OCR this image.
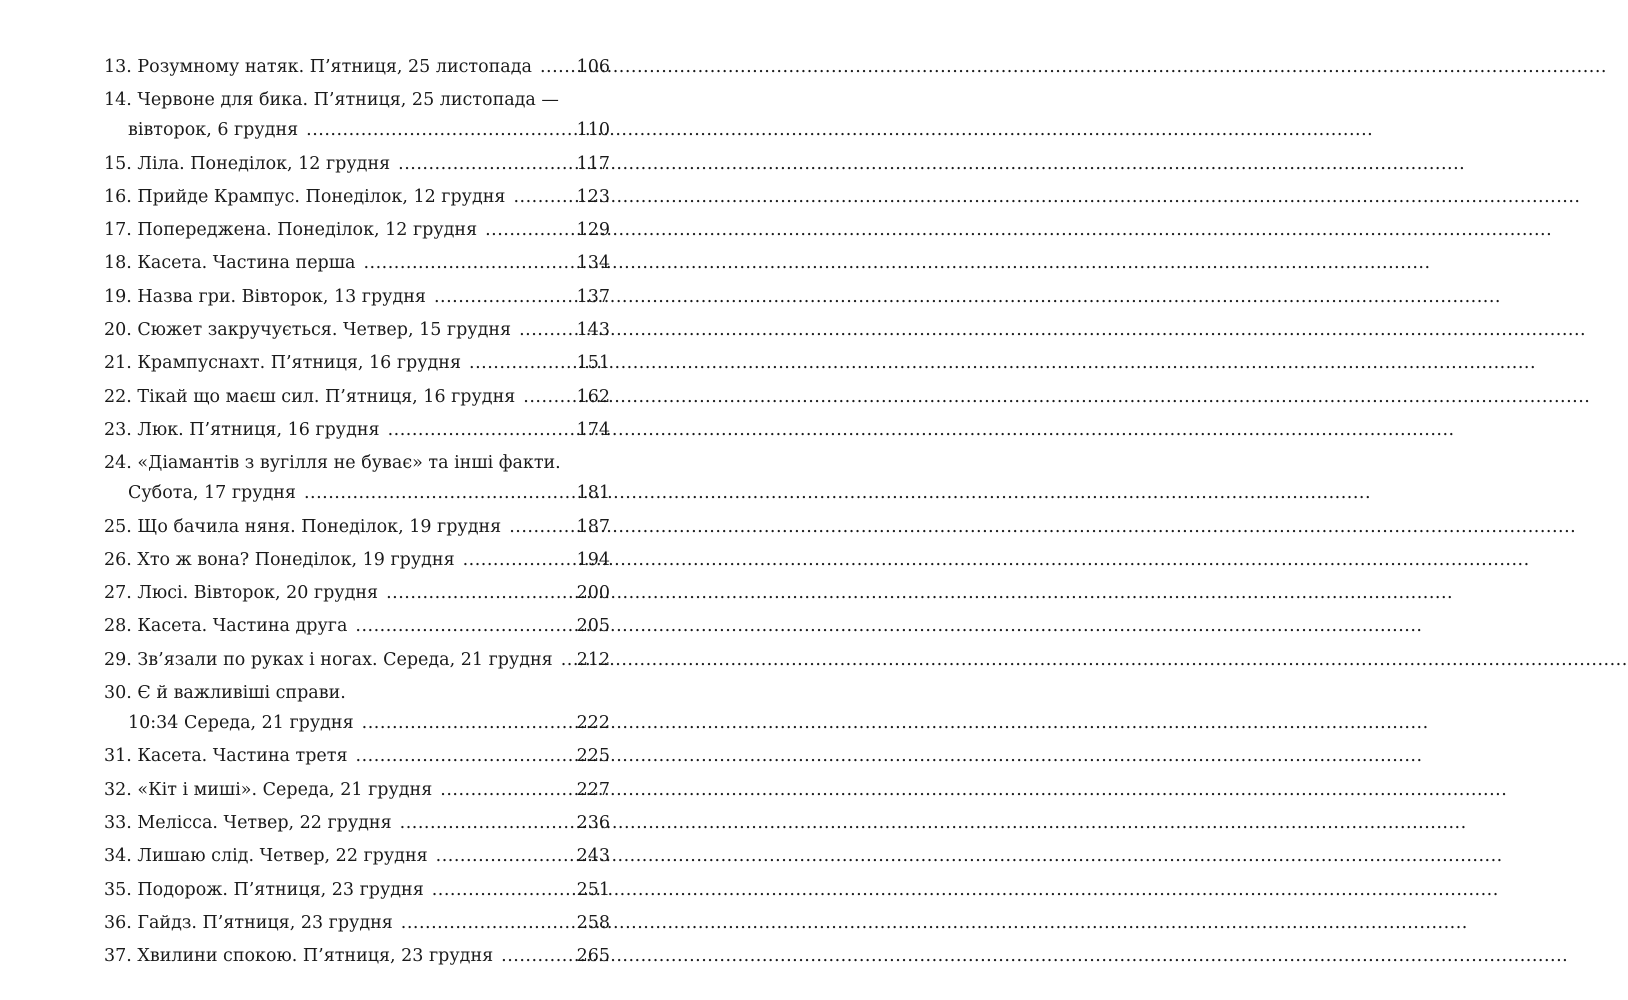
13. Розумному натяк. П’ятниця, 25 листопада .....	106
14. Червоне для бика. П’ятниця, 25 листопада —
вівторок, 6 грудня .....	110
15. Ліла. Понеділок, 12 грудня .....	117
16. Прийде Крампус. Понеділок, 12 грудня .....	123
17. Попереджена. Понеділок, 12 грудня .....	129
18. Касета. Частина перша .....	134
19. Назва гри. Вівторок, 13 грудня .....	137
20. Сюжет закручується. Четвер, 15 грудня .....	143
21. Крампуснахт. П’ятниця, 16 грудня .....	151
22. Тікай що маєш сил. П’ятниця, 16 грудня .....	162
23. Люк. П’ятниця, 16 грудня .....	174
24. «Діамантів з вугілля не буває» та інші факти.
Субота, 17 грудня .....	181
25. Що бачила няня. Понеділок, 19 грудня .....	187
26. Хто ж вона? Понеділок, 19 грудня .....	194
27. Люсі. Вівторок, 20 грудня .....	200
28. Касета. Частина друга .....	205
29. Зв’язали по руках і ногах. Середа, 21 грудня ..... 212
30. Є й важливіші справи.
10:34 Середа, 21 грудня .....	222
31. Касета. Частина третя .....	225
32. «Кіт і миші». Середа, 21 грудня .....	227
33. Мелісса. Четвер, 22 грудня .....	236
34. Лишаю слід. Четвер, 22 грудня .....	243
35. Подорож. П’ятниця, 23 грудня .....	251
36. Гайдз. П’ятниця, 23 грудня .....	258
37. Хвилини спокою. П’ятниця, 23 грудня .....	265
